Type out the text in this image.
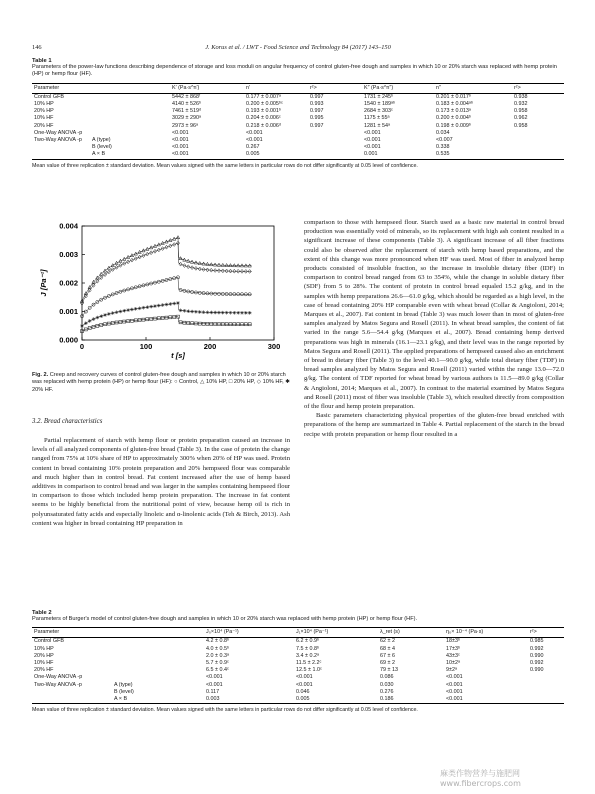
146	J. Korus et al. / LWT - Food Science and Technology 84 (2017) 143–150
Table 1
Parameters of the power-law functions describing dependence of storage and loss moduli on angular frequency of control gluten-free dough and samples in which 10 or 20% starch was replaced with hemp protein (HP) or hemp flour (HF).
Parameter		K′ (Pa·s^n′)	n′	r²>	K″ (Pa·s^n″)	n″	r²>
Control GFB		5442 ± 868ᶠ	0.177 ± 0.007ᵃ	0.997	1731 ± 245ᵇ	0.201 ± 0.017ᵇ	0.938
10% HP		4140 ± 526ᵇ	0.200 ± 0.005ᵇᶜ	0.993	1540 ± 189ᵃᵇ	0.183 ± 0.004ᵃᵇ	0.932
20% HP		7461 ± 519ᵈ	0.193 ± 0.001ᵇ	0.997	2684 ± 303ᶜ	0.173 ± 0.013ᵃ	0.958
10% HF		3029 ± 290ᵃ	0.204 ± 0.006ᶜ	0.995	1175 ± 55ᵃ	0.200 ± 0.004ᵇ	0.962
20% HF		2973 ± 96ᵃ	0.218 ± 0.006ᵈ	0.997	1281 ± 54ᵃ	0.198 ± 0.009ᵇ	0.958
One-Way ANOVA -p		<0.001	<0.001		<0.001	0.034	
Two-Way ANOVA -p	A (type)	<0.001	<0.001		<0.001	<0.007	
	B (level)	<0.001	0.267		<0.001	0.338	
	A × B	<0.001	0.005		0.001	0.535	
Mean value of three replication ± standard deviation. Mean values signed with the same letters in particular rows do not differ significantly at 0.05 level of confidence.
0.000
0.001
0.002
0.003
0.004
0	100	200	300
t [s]
J [Pa⁻¹]
Fig. 2. Creep and recovery curves of control gluten-free dough and samples in which 10 or 20% starch was replaced with hemp protein (HP) or hemp flour (HF): ○ Control, △ 10% HP, □ 20% HP, ◇ 10% HF, ✱ 20% HF.
3.2. Bread characteristics

Partial replacement of starch with hemp flour or protein preparation caused an increase in levels of all analyzed components of gluten-free bread (Table 3). In the case of protein the change ranged from 75% at 10% share of HP to approximately 300% when 20% of HP was used. Protein content in bread containing 10% protein preparation and 20% hempseed flour was comparable and much higher than in control bread. Fat content increased after the use of hemp based additives in comparison to control bread and was larger in the samples containing hempseed flour in comparison to those which included hemp protein preparation. The increase in fat content seems to be highly beneficial from the nutritional point of view, because hemp oil is rich in polyunsaturated fatty acids and especially linoleic and α-linolenic acids (Teh & Birch, 2013). Ash content was higher in bread containing HP preparation in

comparison to those with hempseed flour. Starch used as a basic raw material in control bread production was essentially void of minerals, so its replacement with high ash content resulted in a significant increase of these components (Table 3). A significant increase of all fiber fractions could also be observed after the replacement of starch with hemp based preparations, and the extent of this change was more pronounced when HF was used. Most of fiber in analyzed hemp products consisted of insoluble fraction, so the increase in insoluble dietary fiber (IDF) in comparison to control bread ranged from 63 to 354%, while the change in soluble dietary fiber (SDF) from 5 to 28%. The content of protein in control bread equaled 15.2 g/kg, and in the samples with hemp preparations 26.6—61.0 g/kg, which should be regarded as a high level, in the case of bread containing 20% HP comparable even with wheat bread (Collar & Angioloni, 2014; Marques et al., 2007). Fat content in bread (Table 3) was much lower than in most of gluten-free samples analyzed by Matos Segura and Rosell (2011). In wheat bread samples, the content of fat varied in the range 5.6—54.4 g/kg (Marques et al., 2007). Bread containing hemp derived preparations was high in minerals (16.1—23.1 g/kg), and their level was in the range reported by Matos Segura and Rosell (2011). The applied preparations of hempseed caused also an enrichment of bread in dietary fiber (Table 3) to the level 40.1—90.0 g/kg, while total dietary fiber (TDF) in bread samples analyzed by Matos Segura and Rosell (2011) varied within the range 13.0—72.0 g/kg. The content of TDF reported for wheat bread by various authors is 11.5—89.0 g/kg (Collar & Angioloni, 2014; Marques et al., 2007). In contrast to the material examined by Matos Segura and Rosell (2011) most of fiber was insoluble (Table 3), which resulted directly from composition of the flour and hemp protein preparation.

Basic parameters characterizing physical properties of the gluten-free bread enriched with preparations of the hemp are summarized in Table 4. Partial replacement of the starch in the bread recipe with protein preparation or hemp flour resulted in a

Table 2
Parameters of Burger's model of control gluten-free dough and samples in which 10 or 20% starch was replaced with hemp protein (HP) or hemp flour (HF).
Parameter		J₀×10⁴ (Pa⁻¹)	J₁×10⁴ (Pa⁻¹)	λ_ret (s)	η₀× 10⁻⁴ (Pa·s)	r²>
Control GFB		4.2 ± 0.8ᵇ	6.2 ± 0.9ᵇ	62 ± 2	18±3ᵇ	0.985
10% HP		4.0 ± 0.5ᵇ	7.5 ± 0.8ᵇ	68 ± 4	17±3ᵇ	0.992
20% HP		2.0 ± 0.3ᵃ	3.4 ± 0.2ᵃ	67 ± 6	43±3ᶜ	0.990
10% HF		5.7 ± 0.9ᶜ	11.5 ± 2.2ᶜ	69 ± 2	10±2ᵃ	0.992
20% HF		6.5 ± 0.4ᶜ	12.5 ± 1.0ᶜ	79 ± 13	9±2ᵃ	0.990
One-Way ANOVA -p		<0.001	<0.001	0.086	<0.001	
Two-Way ANOVA -p	A (type)	<0.001	<0.001	0.030	<0.001	
	B (level)	0.117	0.046	0.276	<0.001	
	A × B	0.003	0.005	0.186	<0.001	
Mean value of three replication ± standard deviation. Mean values signed with the same letters in particular rows do not differ significantly at 0.05 level of confidence.
麻类作物营养与施肥网 www.fibercrops.com
